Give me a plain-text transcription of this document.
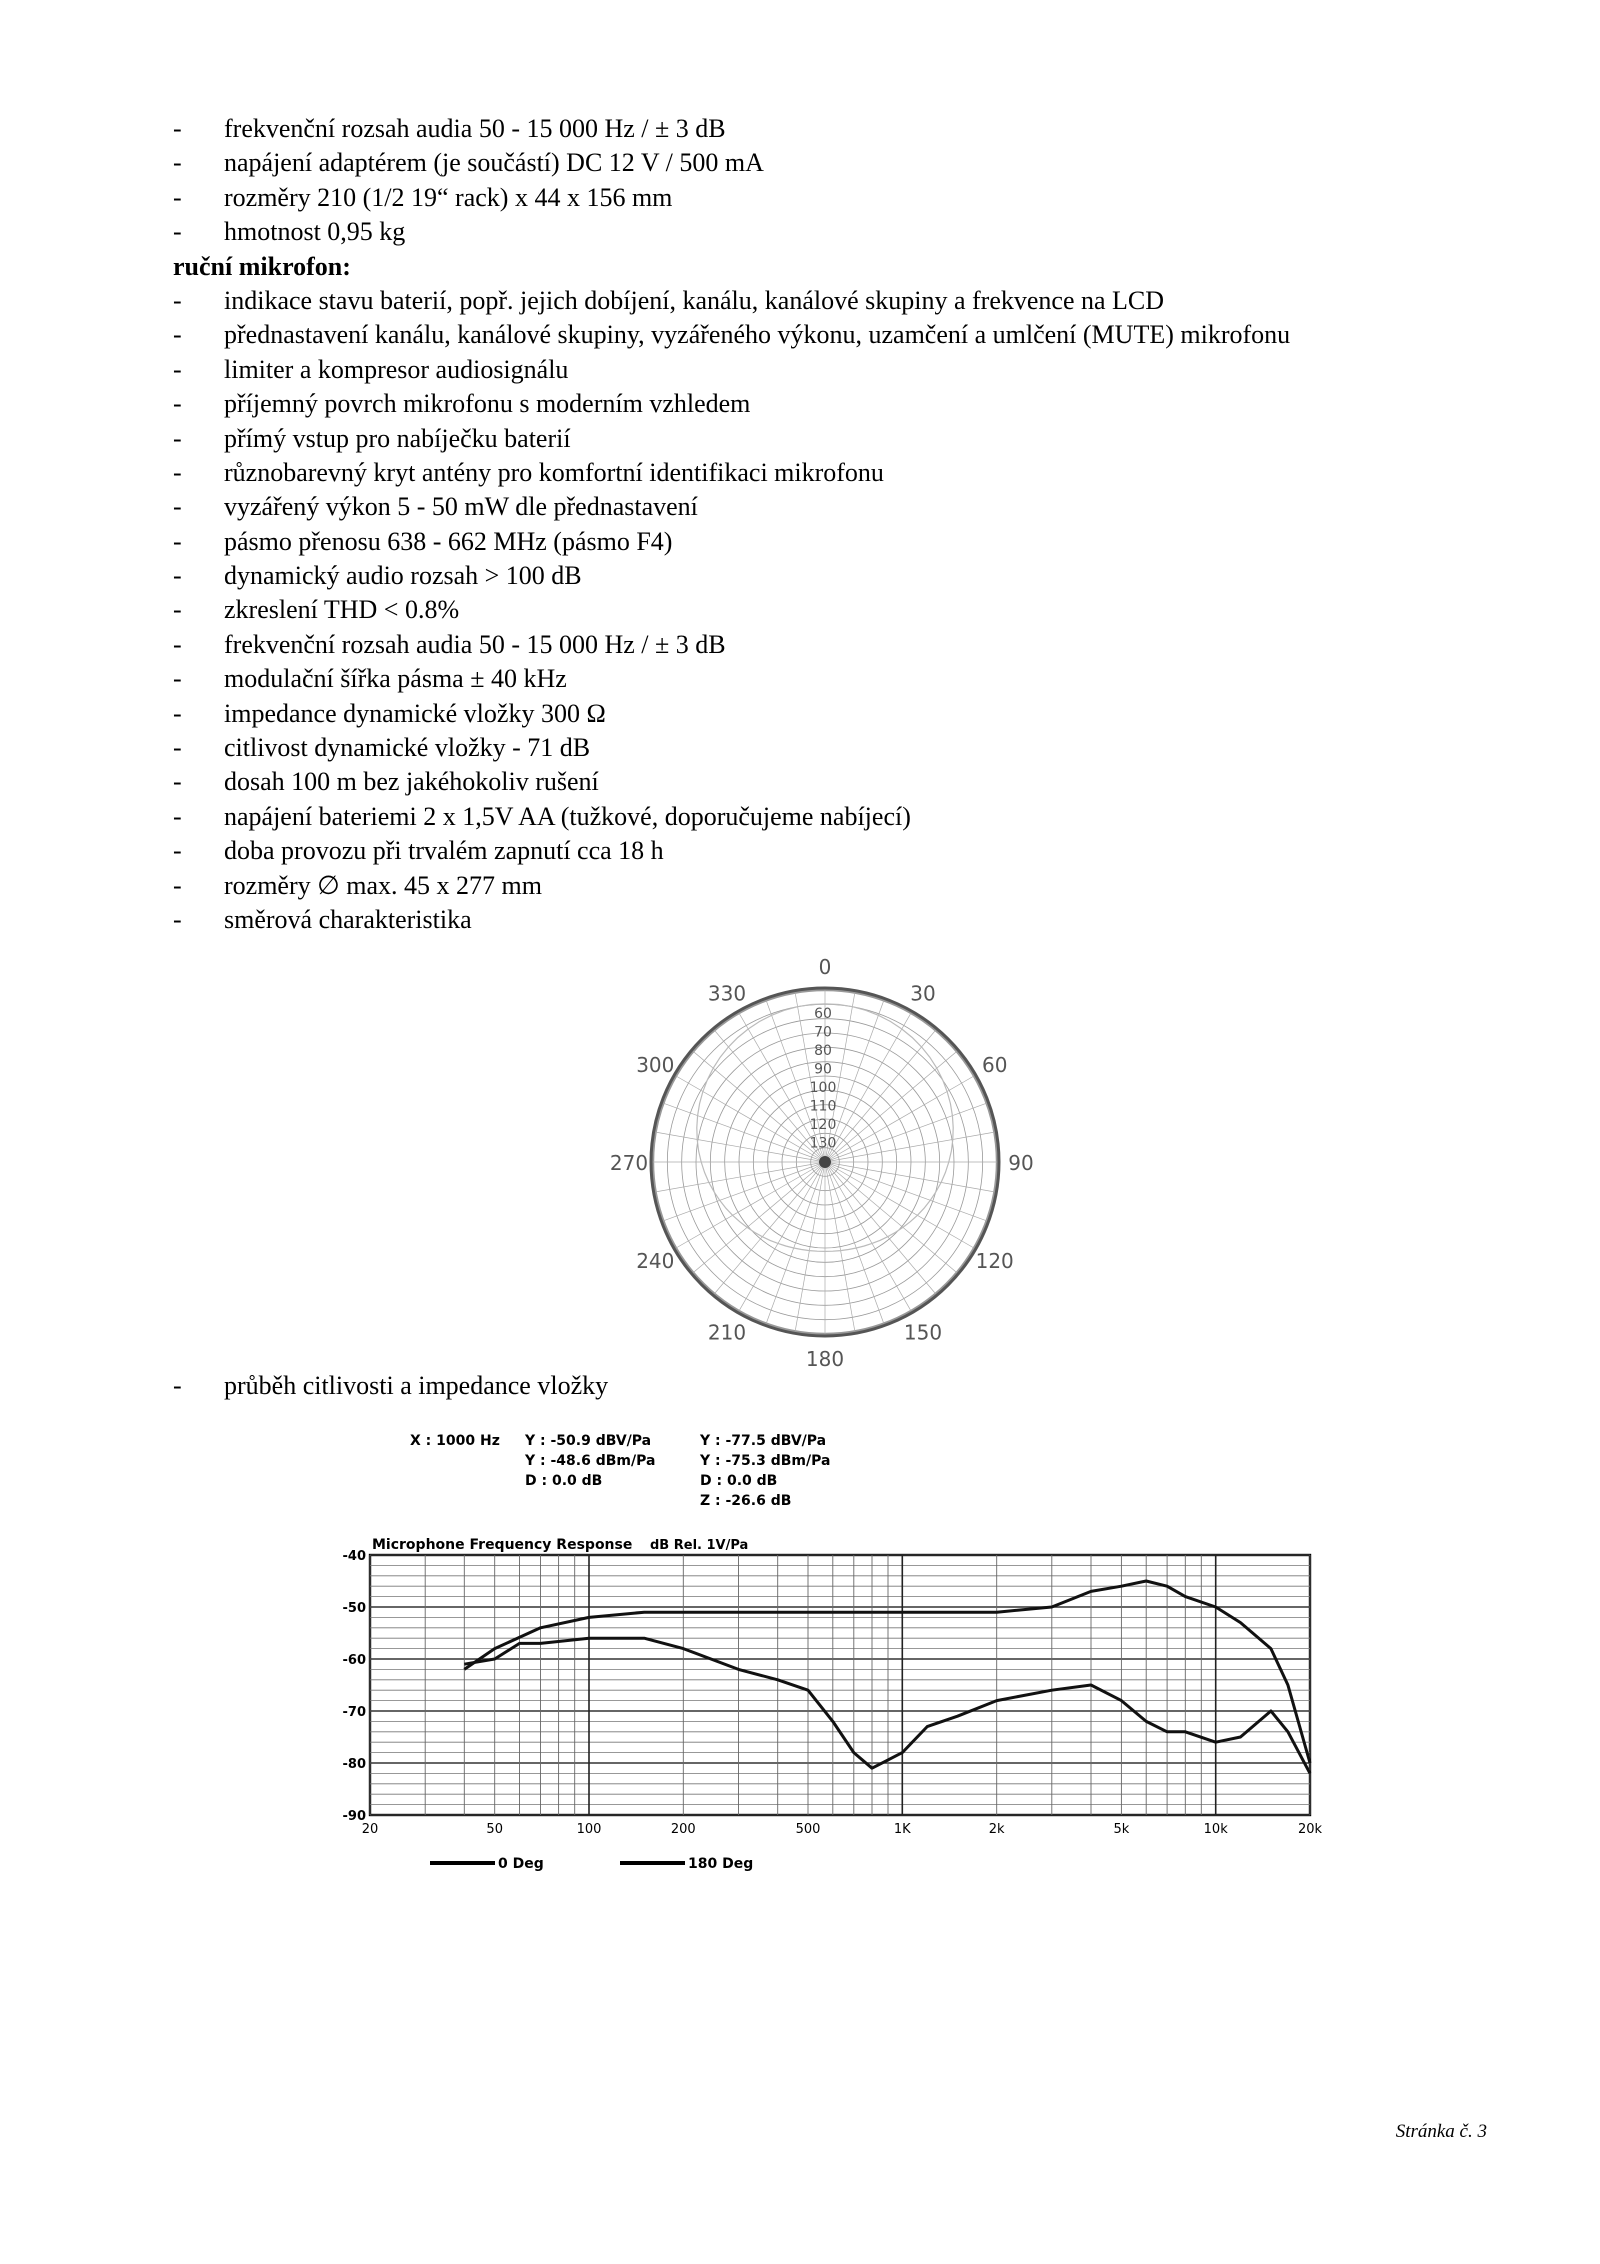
- frekvenční rozsah audia 50 - 15 000 Hz / ± 3 dB
- napájení adaptérem (je součástí) DC 12 V / 500 mA
- rozměry 210 (1/2 19“ rack) x 44 x 156 mm
- hmotnost 0,95 kg
ruční mikrofon:
- indikace stavu baterií, popř. jejich dobíjení, kanálu, kanálové skupiny a frekvence na LCD
- přednastavení kanálu, kanálové skupiny, vyzářeného výkonu, uzamčení a umlčení (MUTE) mikrofonu
- limiter a kompresor audiosignálu
- příjemný povrch mikrofonu s moderním vzhledem
- přímý vstup pro nabíječku baterií
- různobarevný kryt antény pro komfortní identifikaci mikrofonu
- vyzářený výkon 5 - 50 mW dle přednastavení
- pásmo přenosu 638 - 662 MHz (pásmo F4)
- dynamický audio rozsah > 100 dB
- zkreslení THD < 0.8%
- frekvenční rozsah audia 50 - 15 000 Hz / ± 3 dB
- modulační šířka pásma ± 40 kHz
- impedance dynamické vložky 300 Ω
- citlivost dynamické vložky - 71 dB
- dosah 100 m bez jakéhokoliv rušení
- napájení bateriemi 2 x 1,5V AA (tužkové, doporučujeme nabíjecí)
- doba provozu při trvalém zapnutí cca 18 h
- rozměry ∅ max. 45 x 277 mm
- směrová charakteristika
0
30
60
90
120
150
180
210
240
270
300
330
60
70
80
90
100
110
120
130
- průběh citlivosti a impedance vložky
X : 1000 Hz Y : -50.9 dBV/Pa
Y : -48.6 dBm/Pa
D : 0.0 dB
Y : -77.5 dBV/Pa
Y : -75.3 dBm/Pa
D : 0.0 dB
Z : -26.6 dB
Microphone Frequency Response dB Rel. 1V/Pa
-40
-50
-60
-70
-80
-90
20	50	100	200	500	1K	2k	5k	10k	20k
0 Deg	180 Deg
Stránka č. 3
